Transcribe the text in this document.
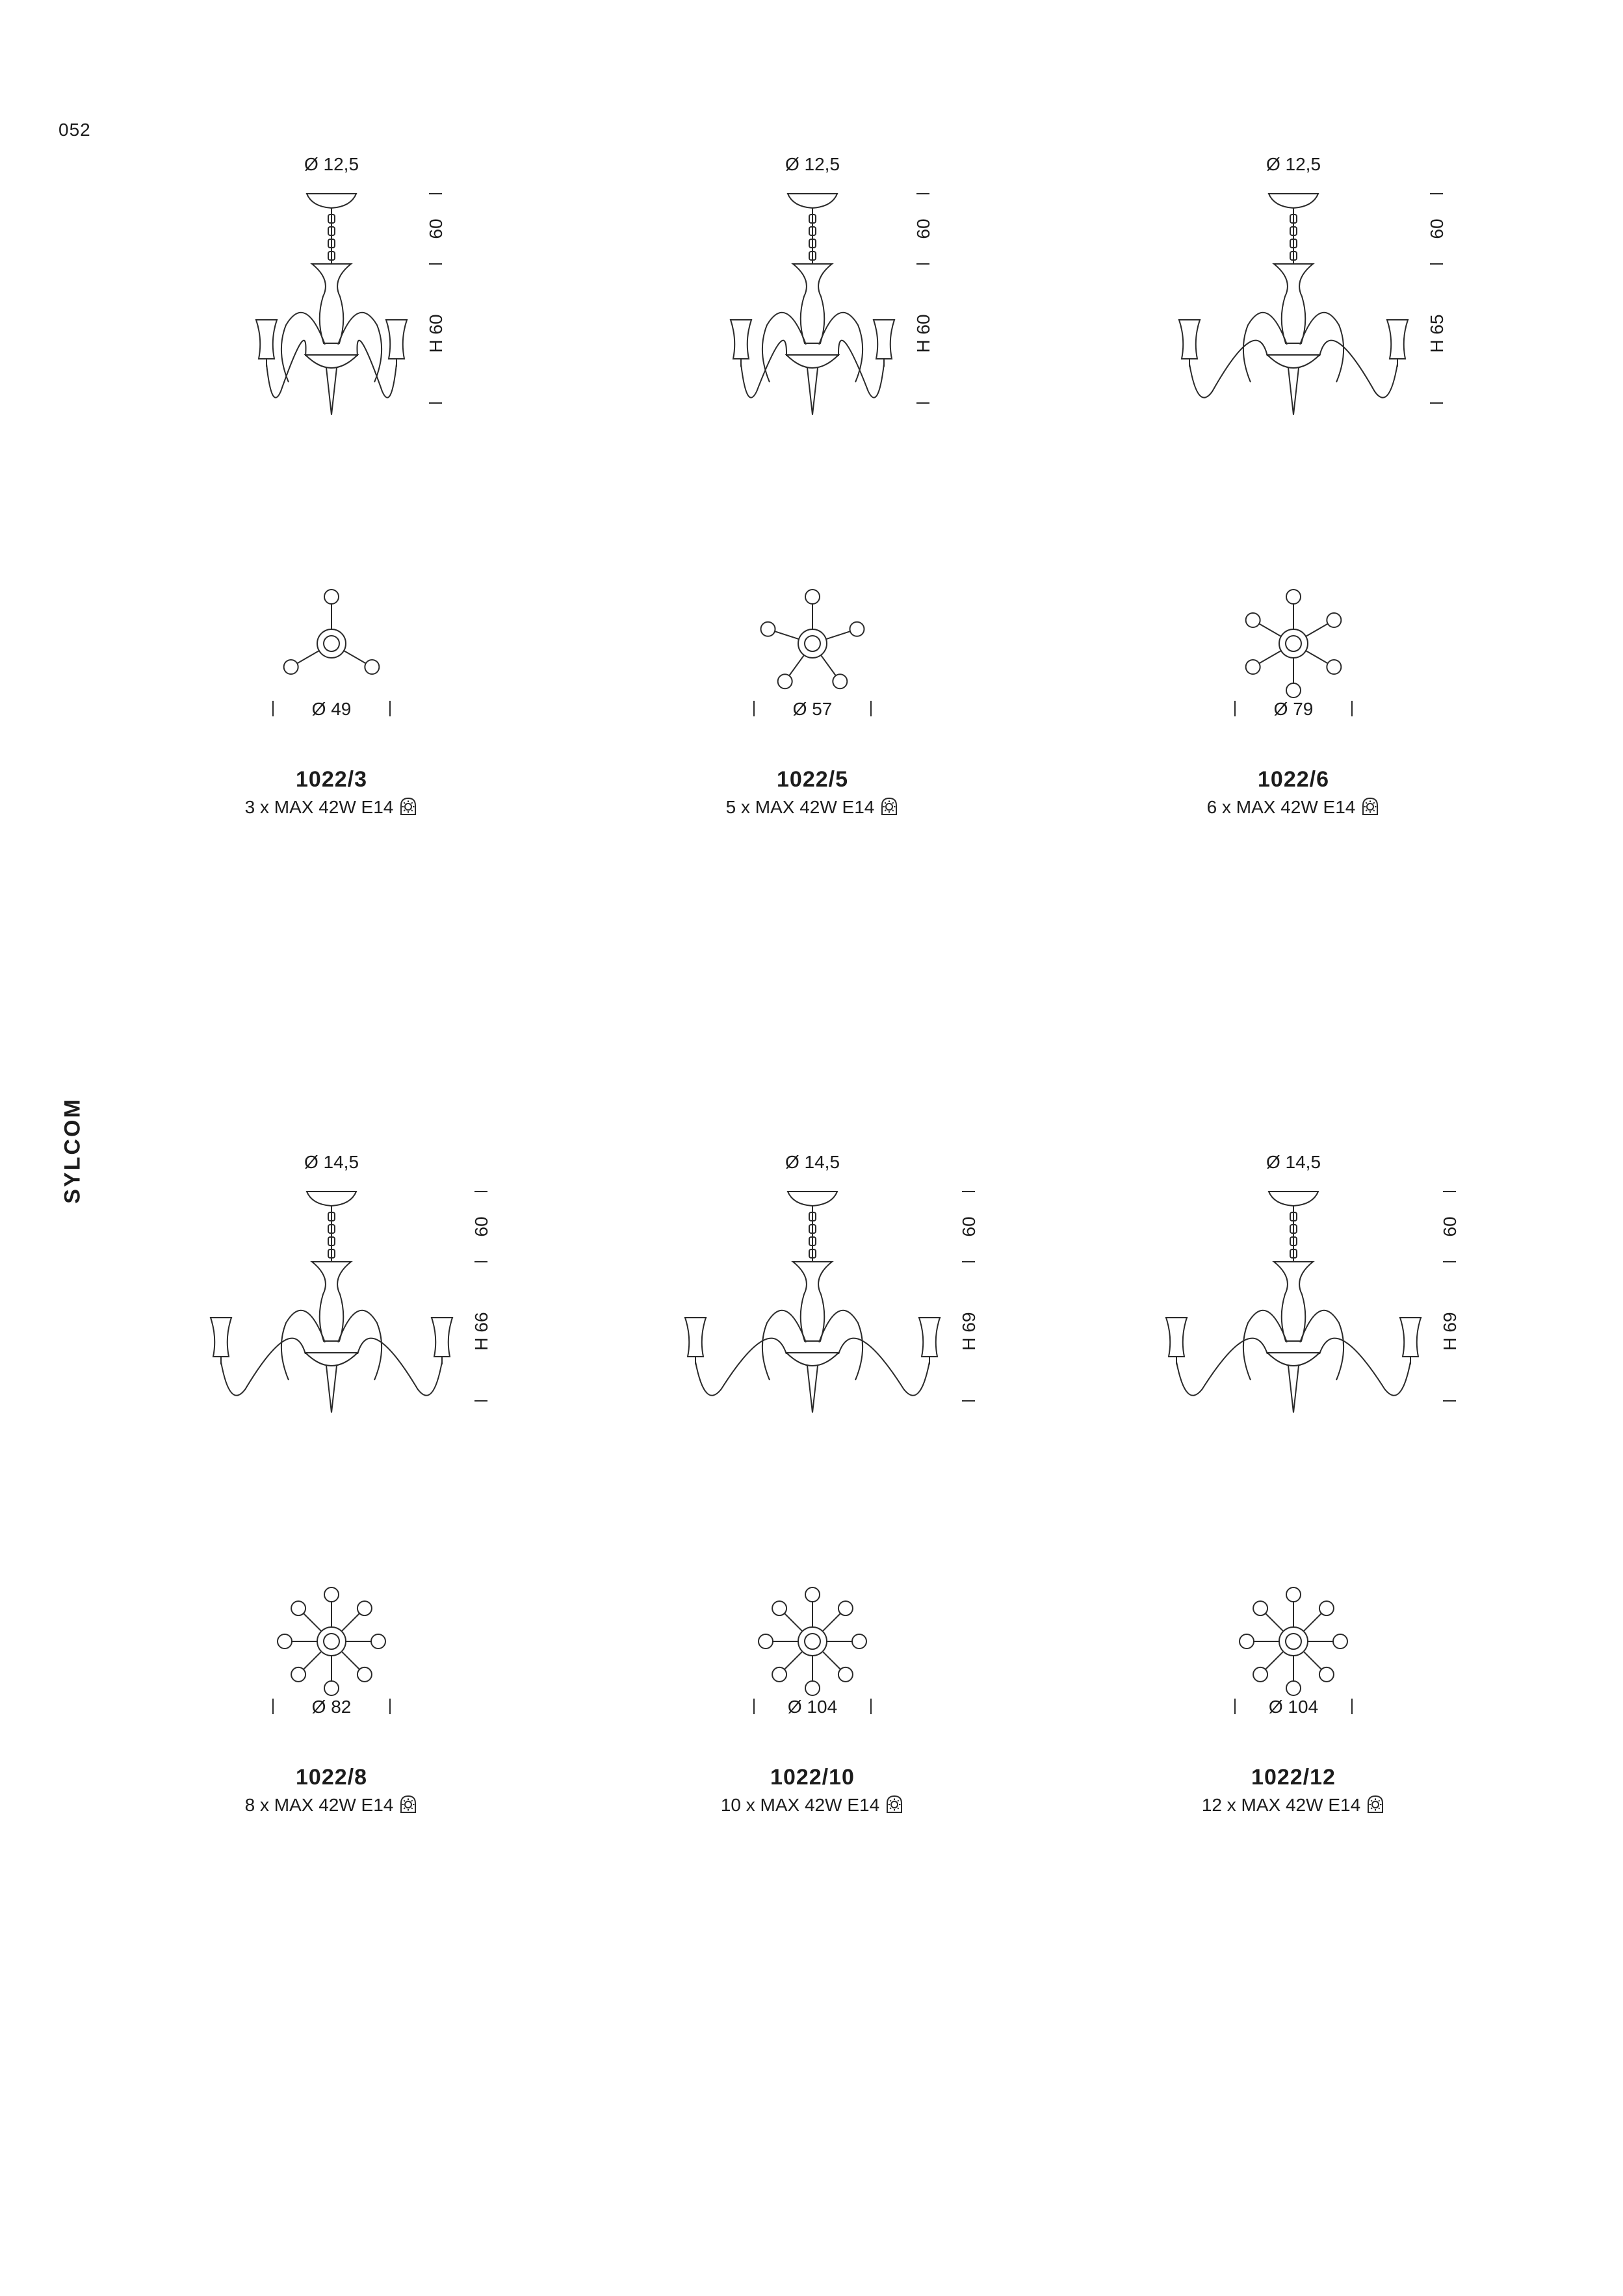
052
SYLCOM
Ø 12,5
60
H 60
Ø 49
1022/3
3 x MAX 42W E14
Ø 12,5
60
H 60
Ø 57
1022/5
5 x MAX 42W E14
Ø 12,5
60
H 65
Ø 79
1022/6
6 x MAX 42W E14
Ø 14,5
60
H 66
Ø 82
1022/8
8 x MAX 42W E14
Ø 14,5
60
H 69
Ø 104
1022/10
10 x MAX 42W E14
Ø 14,5
60
H 69
Ø 104
1022/12
12 x MAX 42W E14
